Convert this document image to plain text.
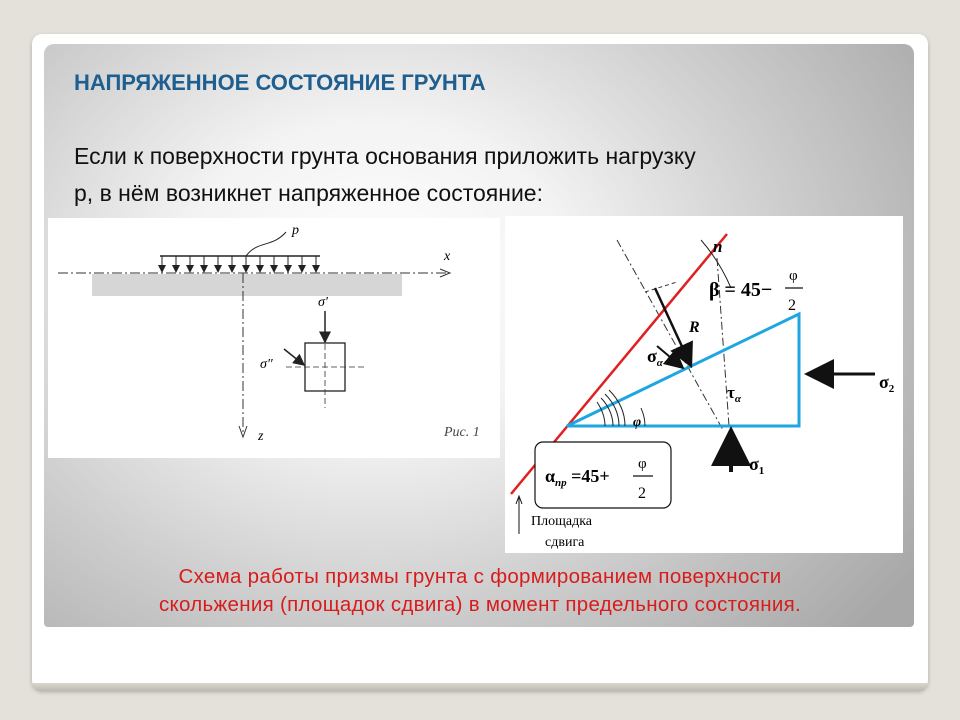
НАПРЯЖЕННОЕ СОСТОЯНИЕ ГРУНТА

Если к поверхности грунта основания приложить нагрузку
р, в нём возникнет напряженное состояние:

x
p
z
σ′
σ″
Рис. 1
φ
R
n
β = 45−
φ
2
$\sigma_\alpha$
$\tau_\alpha$
$\sigma_2$
$\sigma_1$
$\alpha_{пр} =45+$
φ
2
Площадка
сдвига
Схема работы призмы грунта с формированием поверхности
скольжения (площадок сдвига) в момент предельного состояния.
